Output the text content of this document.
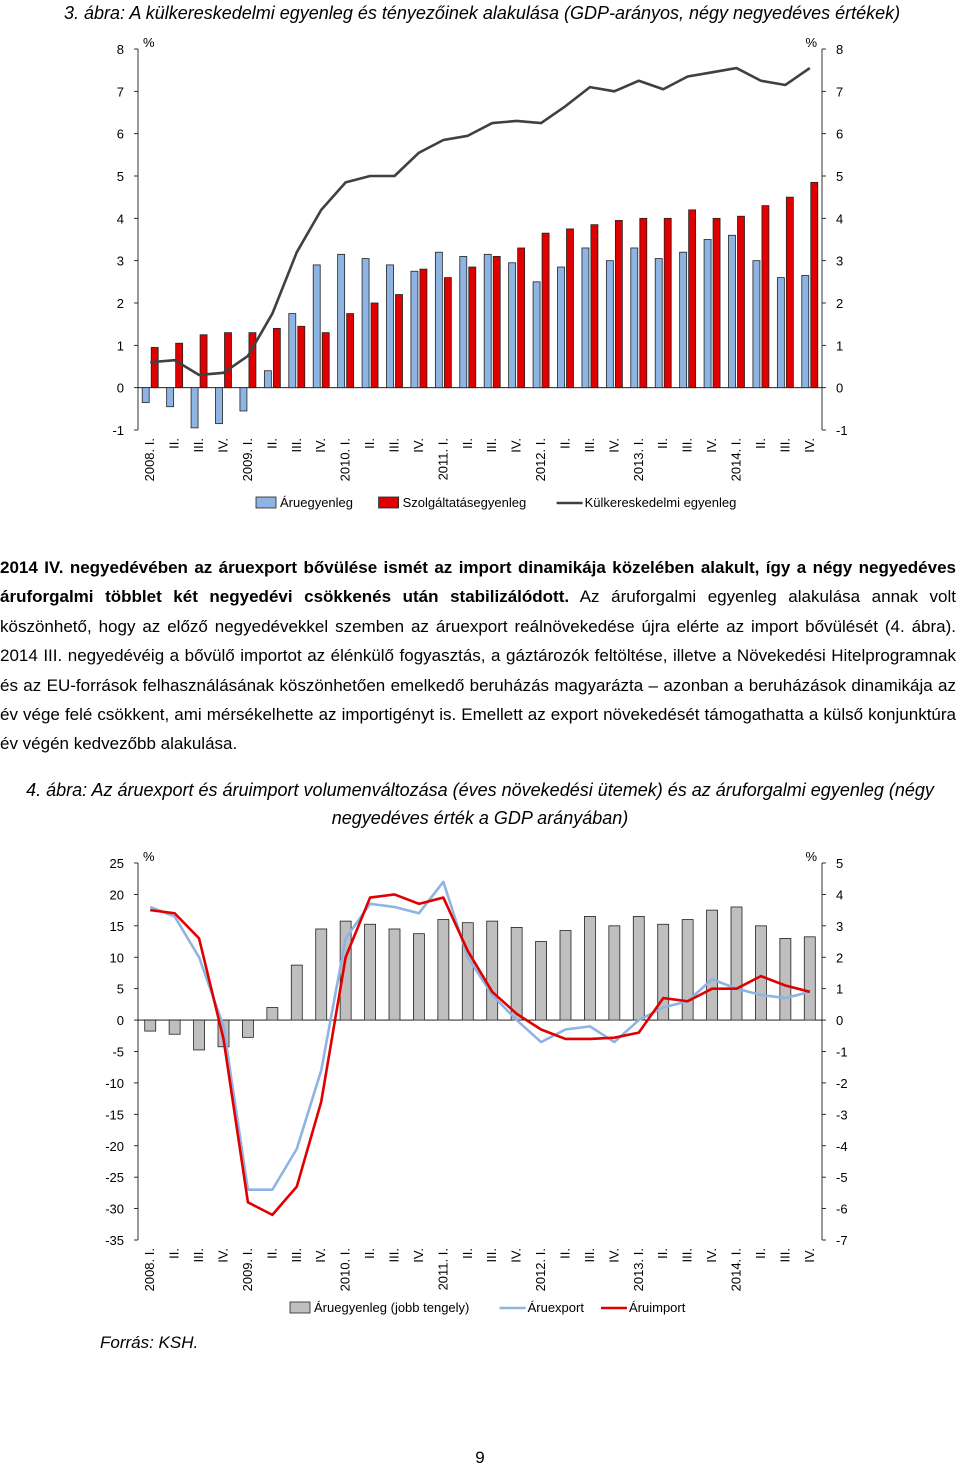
3. ábra: A külkereskedelmi egyenleg és tényezőinek alakulása (GDP-arányos, négy negyedéves értékek)
%	%
8
7
6
5
4
3
2
1
0
-1
8
7
6
5
4
3
2
1
0
-1
2008. I. II. III. IV. 2009. I. II. III. IV. 2010. I. II. III. IV. 2011. I. II. III. IV. 2012. I. II. III. IV. 2013. I. II. III. IV. 2014. I. II. III. IV.
Áruegyenleg	Szolgáltatásegyenleg	Külkereskedelmi egyenleg
2014 IV. negyedévében az áruexport bővülése ismét az import dinamikája közelében alakult, így a négy negyedéves áruforgalmi többlet két negyedévi csökkenés után stabilizálódott. Az áruforgalmi egyenleg alakulása annak volt köszönhető, hogy az előző negyedévekkel szemben az áruexport reálnövekedése újra elérte az import bővülését (4. ábra). 2014 III. negyedévéig a bővülő importot az élénkülő fogyasztás, a gáztározók feltöltése, illetve a Növekedési Hitelprogramnak és az EU-források felhasználásának köszönhetően emelkedő beruházás magyarázta – azonban a beruházások dinamikája az év vége felé csökkent, ami mérsékelhette az importigényt is. Emellett az export növekedését támogathatta a külső konjunktúra év végén kedvezőbb alakulása.
4. ábra: Az áruexport és áruimport volumenváltozása (éves növekedési ütemek) és az áruforgalmi egyenleg (négy negyedéves érték a GDP arányában)
%	%
25
20
15
10
5
0
-5
-10
-15
-20
-25
-30
-35
5
4
3
2
1
0
-1
-2
-3
-4
-5
-6
-7
2008. I. II. III. IV. 2009. I. II. III. IV. 2010. I. II. III. IV. 2011. I. II. III. IV. 2012. I. II. III. IV. 2013. I. II. III. IV. 2014. I. II. III. IV.
Áruegyenleg (jobb tengely)	Áruexport	Áruimport
Forrás: KSH.
9
